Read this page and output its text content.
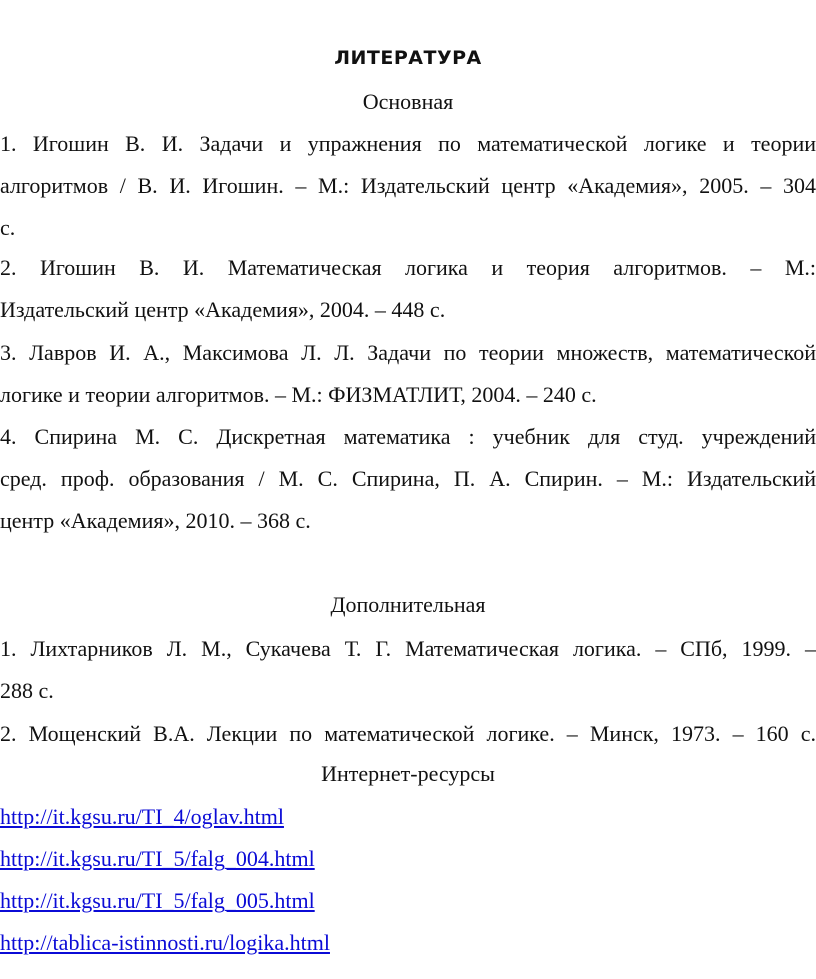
ЛИТЕРАТУРА
Основная
1. Игошин В. И. Задачи и упражнения по математической логике и теории
алгоритмов / В. И. Игошин. – М.: Издательский центр «Академия», 2005. – 304
с.
2. Игошин В. И. Математическая логика и теория алгоритмов. – М.:
Издательский центр «Академия», 2004. – 448 с.
3. Лавров И. А., Максимова Л. Л. Задачи по теории множеств, математической
логике и теории алгоритмов. – М.: ФИЗМАТЛИТ, 2004. – 240 с.
4. Спирина М. С. Дискретная математика : учебник для студ. учреждений
сред. проф. образования / М. С. Спирина, П. А. Спирин. – М.: Издательский
центр «Академия», 2010. – 368 с.
Дополнительная
1. Лихтарников Л. М., Сукачева Т. Г. Математическая логика. – СПб, 1999. –
288 с.
2. Мощенский В.А. Лекции по математической логике. – Минск, 1973. – 160 с.
Интернет-ресурсы
http://it.kgsu.ru/TI_4/oglav.html
http://it.kgsu.ru/TI_5/falg_004.html
http://it.kgsu.ru/TI_5/falg_005.html
http://tablica-istinnosti.ru/logika.html
